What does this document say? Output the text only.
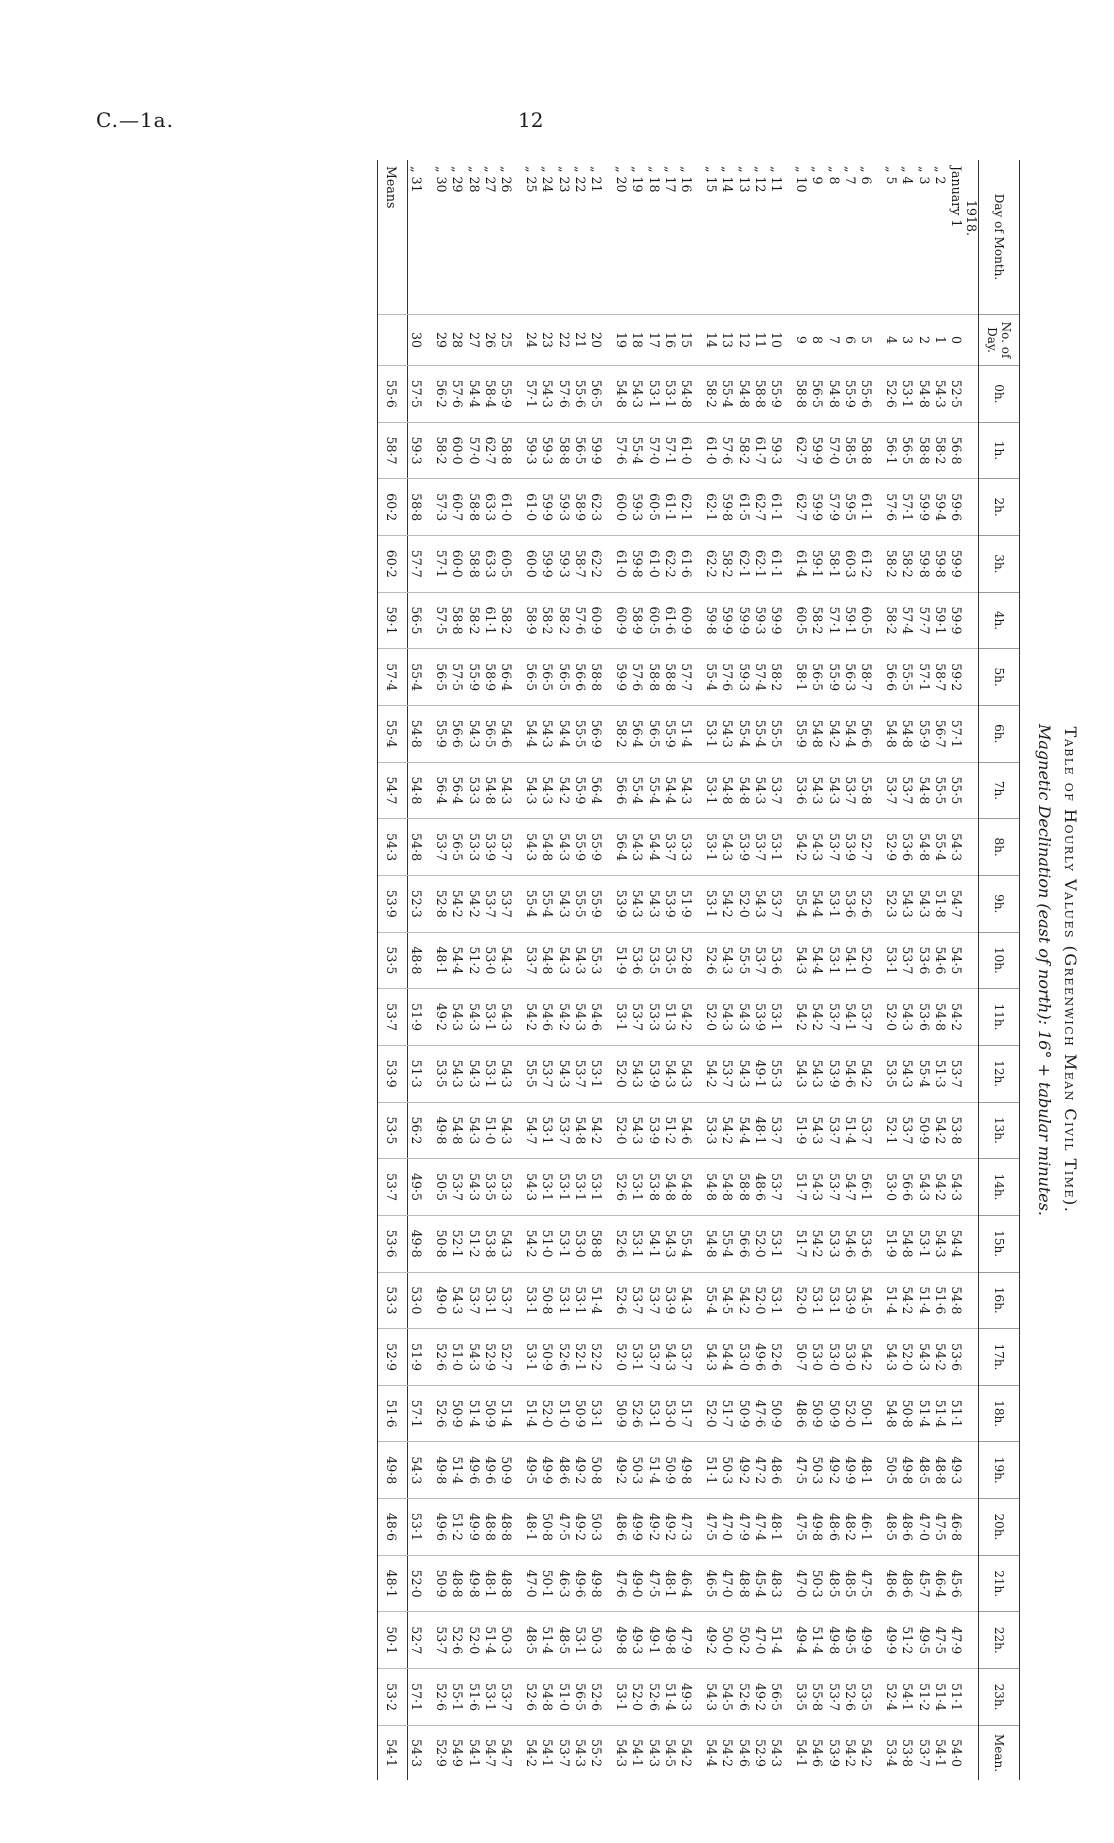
C.—1a.	12
Table of Hourly Values (Greenwich Mean Civil Time).
Magnetic Declination (east of north): 16° + tabular minutes.
Day of Month.	No. of Day.	0h.	1h.	2h.	3h.	4h.	5h.	6h.	7h.	8h.	9h.	10h.	11h.	12h.	13h.	14h.	15h.	16h.	17h.	18h.	19h.	20h.	21h.	22h.	23h.	Mean.
1918.																										
January 1	0	52·5	56·8	59·6	59·9	59·9	59·2	57·1	55·5	54·3	54·7	54·5	54·2	53·7	53·8	54·3	54·4	54·8	53·6	51·1	49·3	46·8	45·6	47·9	51·1	54·0
„ 2	1	54·3	58·2	59·4	59·8	59·1	58·7	56·7	55·5	55·4	51·8	54·6	54·8	51·3	54·2	54·2	54·3	51·6	54·2	51·4	48·8	47·5	46·4	47·5	51·4	54·1
„ 3	2	54·8	58·8	59·9	59·8	57·7	57·1	55·9	54·8	54·8	54·3	53·6	53·6	55·4	50·9	54·3	53·1	51·4	54·3	51·4	48·5	47·0	45·7	49·5	51·2	53·7
„ 4	3	53·1	56·5	57·1	58·2	57·4	55·5	54·8	53·7	53·6	54·3	53·7	54·3	54·3	53·7	56·6	54·8	54·2	52·0	50·8	49·8	48·6	48·6	51·2	54·1	53·8
„ 5	4	52·6	56·1	57·6	58·2	58·2	56·6	54·8	53·7	52·9	52·3	53·1	52·0	53·5	52·1	53·0	51·9	51·4	54·3	54·8	50·5	48·5	48·6	49·9	52·4	53·4
„ 6	5	55·6	58·8	61·1	61·2	60·5	58·7	56·6	55·8	52·7	52·6	52·0	53·7	54·2	53·7	56·1	53·6	54·5	54·2	50·1	48·1	46·1	47·5	49·9	53·5	54·2
„ 7	6	55·9	58·5	59·5	60·3	59·1	56·3	54·4	53·7	53·9	53·6	54·1	54·1	54·6	51·4	54·7	54·6	53·9	53·0	52·0	49·9	48·2	48·5	49·5	52·6	54·2
„ 8	7	54·8	57·0	57·9	58·1	57·1	55·9	54·2	54·3	53·7	53·1	53·1	53·7	53·9	53·7	53·7	53·3	53·1	53·0	50·9	49·2	48·6	48·5	49·8	53·7	53·9
„ 9	8	56·5	59·9	59·9	59·1	58·2	56·5	54·8	54·3	54·3	54·4	54·4	54·2	54·3	54·3	54·3	54·2	53·1	53·0	50·9	50·3	49·8	50·3	51·4	55·8	54·6
„ 10	9	58·8	62·7	62·7	61·4	60·5	58·1	55·9	53·6	54·2	55·4	54·3	54·2	54·3	51·9	51·7	51·7	52·0	50·7	48·6	47·5	47·5	47·0	49·4	53·5	54·1
„ 11	10	55·9	59·3	61·1	61·1	59·9	58·2	55·5	53·7	53·1	53·7	53·6	53·1	55·3	53·7	53·7	53·1	53·1	52·6	50·9	48·6	48·1	48·3	51·4	56·5	54·3
„ 12	11	58·8	61·7	62·7	62·1	59·3	57·4	55·4	54·3	53·7	54·3	53·7	53·9	49·1	48·1	48·6	52·0	52·0	49·6	47·6	47·2	47·4	45·4	47·0	49·2	52·9
„ 13	12	54·8	58·2	61·5	62·1	59·9	59·3	55·4	54·8	53·9	52·0	55·5	54·3	54·3	54·4	58·8	56·6	54·2	53·0	50·9	49·2	47·9	48·8	50·2	52·6	54·6
„ 14	13	55·4	57·6	59·8	58·2	59·9	57·6	54·3	54·8	54·3	54·2	54·3	54·3	53·7	54·2	54·8	55·4	54·5	54·4	51·7	50·3	47·0	47·0	50·0	54·5	54·2
„ 15	14	58·2	61·0	62·1	62·2	59·8	55·4	53·1	53·1	53·1	53·1	52·6	52·0	54·2	53·3	54·8	54·8	55·4	54·3	52·0	51·1	47·5	46·5	49·2	54·3	54·4
„ 16	15	54·8	61·0	62·1	61·6	60·9	57·7	51·4	54·3	53·3	51·9	52·8	54·2	54·3	54·6	54·8	55·4	54·3	53·7	51·7	49·8	47·3	46·4	47·9	49·3	54·2
„ 17	16	53·1	57·1	61·1	62·2	61·6	58·8	55·9	54·4	53·7	53·9	53·5	51·3	54·3	51·2	54·8	54·3	53·9	54·3	53·0	50·9	49·2	48·1	49·8	51·4	54·5
„ 18	17	53·1	57·0	60·5	61·0	60·5	58·8	56·5	55·4	54·4	54·3	53·5	53·3	53·9	53·9	53·8	54·1	53·7	53·7	53·1	51·4	49·2	47·5	49·1	52·6	54·3
„ 19	18	54·3	55·4	59·3	59·8	58·9	57·6	56·4	55·4	54·3	54·3	53·6	53·7	54·3	54·3	53·1	53·1	53·7	53·1	52·6	50·3	49·9	49·0	49·3	52·0	54·1
„ 20	19	54·8	57·6	60·0	61·0	60·9	59·9	58·2	56·6	56·4	53·9	51·9	53·1	52·0	52·0	52·6	52·6	52·6	52·0	50·9	49·2	48·6	47·6	49·8	53·1	54·3
„ 21	20	56·5	59·9	62·3	62·2	60·9	58·8	56·9	56·4	55·9	55·9	55·3	54·6	53·1	54·2	53·1	58·8	51·4	52·2	53·1	50·8	50·3	49·8	50·3	52·6	55·2
„ 22	21	55·6	56·5	58·9	58·7	57·6	56·6	55·5	55·9	55·9	55·5	54·3	54·3	53·7	54·8	53·1	53·0	53·1	52·1	50·9	49·2	49·2	49·6	53·1	56·5	54·3
„ 23	22	57·6	58·8	59·3	59·3	58·2	56·5	54·4	54·2	54·3	54·3	54·3	54·2	54·3	53·7	53·1	53·1	53·1	52·6	51·0	48·6	47·5	46·3	48·5	51·0	53·7
„ 24	23	54·3	59·3	59·9	59·9	58·2	56·5	54·3	54·3	54·8	55·4	54·8	54·6	53·7	53·1	53·1	51·0	50·8	50·9	52·0	49·9	50·8	50·1	51·4	54·8	54·1
„ 25	24	57·1	59·3	61·0	60·0	58·9	56·5	54·4	54·3	54·3	55·4	53·7	54·2	55·5	54·7	54·3	54·2	53·1	53·1	51·4	49·5	48·1	47·0	48·5	52·6	54·2
„ 26	25	55·9	58·8	61·0	60·5	58·2	56·4	54·6	54·3	53·7	53·7	54·3	54·3	54·3	54·3	53·3	54·3	53·7	52·7	51·4	50·9	48·8	48·8	50·3	53·7	54·7
„ 27	26	58·4	62·7	63·3	63·3	61·1	58·9	56·5	54·8	53·9	53·7	53·0	53·1	53·1	51·0	53·5	53·8	53·1	52·9	50·9	49·6	48·8	48·1	51·4	53·1	54·7
„ 28	27	54·4	57·0	58·8	58·8	58·2	55·9	54·3	53·3	53·3	54·2	51·2	54·3	54·3	54·3	54·3	51·2	53·7	54·3	51·4	49·6	49·9	49·8	52·0	51·6	54·1
„ 29	28	57·6	60·0	60·7	60·0	58·8	57·5	56·6	56·4	56·5	54·2	54·4	54·3	54·3	54·8	53·7	52·1	54·3	51·0	50·9	51·4	51·2	48·8	52·6	55·1	54·9
„ 30	29	56·2	58·2	57·3	57·1	57·5	56·5	55·9	56·4	53·7	52·8	48·1	49·2	53·5	49·8	50·5	50·8	49·0	52·6	52·6	49·8	49·6	50·9	53·7	52·6	52·9
„ 31	30	57·5	59·3	58·8	57·7	56·5	55·4	54·8	54·8	54·8	52·3	48·8	51·9	51·3	56·2	49·5	49·8	53·0	51·9	57·1	54·3	53·1	52·0	52·7	57·1	54·3
Means		55·6	58·7	60·2	60·2	59·1	57·4	55·4	54·7	54·3	53·9	53·5	53·7	53·9	53·5	53·7	53·6	53·3	52·9	51·6	49·8	48·6	48·1	50·1	53·2	54·1
